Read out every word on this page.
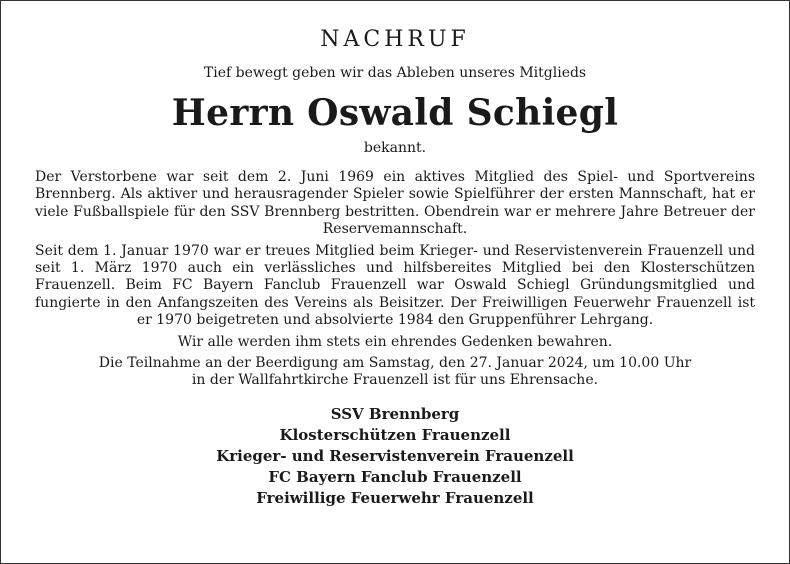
NACHRUF
Tief bewegt geben wir das Ableben unseres Mitglieds
Herrn Oswald Schiegl
bekannt.

Der Verstorbene war seit dem 2. Juni 1969 ein aktives Mitglied des Spiel- und Sportvereins Brennberg. Als aktiver und herausragender Spieler sowie Spielführer der ersten Mannschaft, hat er viele Fußballspiele für den SSV Brennberg bestritten. Obendrein war er mehrere Jahre Betreuer der Reservemannschaft.

Seit dem 1. Januar 1970 war er treues Mitglied beim Krieger- und Reservistenverein Frauenzell und seit 1. März 1970 auch ein verlässliches und hilfsbereites Mitglied bei den Klosterschützen Frauenzell. Beim FC Bayern Fanclub Frauenzell war Oswald Schiegl Gründungsmitglied und fungierte in den Anfangszeiten des Vereins als Beisitzer. Der Freiwilligen Feuerwehr Frauenzell ist er 1970 beigetreten und absolvierte 1984 den Gruppenführer Lehrgang.

Wir alle werden ihm stets ein ehrendes Gedenken bewahren.

Die Teilnahme an der Beerdigung am Samstag, den 27. Januar 2024, um 10.00 Uhr
in der Wallfahrtkirche Frauenzell ist für uns Ehrensache.

SSV Brennberg
Klosterschützen Frauenzell
Krieger- und Reservistenverein Frauenzell
FC Bayern Fanclub Frauenzell
Freiwillige Feuerwehr Frauenzell
